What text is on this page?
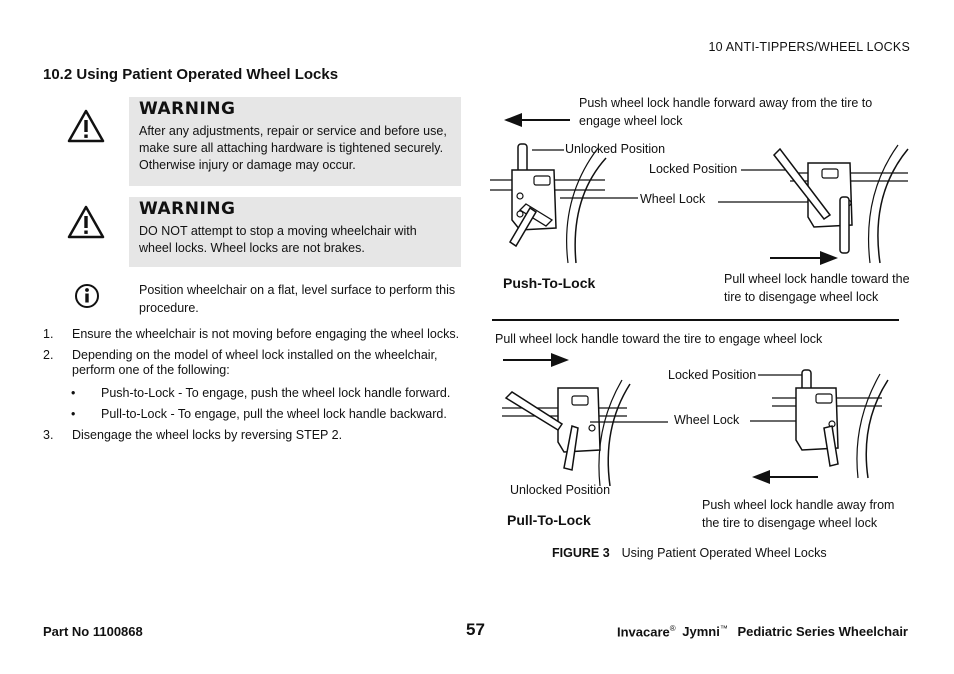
10 ANTI-TIPPERS/WHEEL LOCKS
10.2 Using Patient Operated Wheel Locks
WARNING
After any adjustments, repair or service and before use, make sure all attaching hardware is tightened securely. Otherwise injury or damage may occur.
WARNING
DO NOT attempt to stop a moving wheelchair with wheel locks. Wheel locks are not brakes.
Position wheelchair on a flat, level surface to perform this procedure.
1. Ensure the wheelchair is not moving before engaging the wheel locks.
2. Depending on the model of wheel lock installed on the wheelchair, perform one of the following:
• Push-to-Lock - To engage, push the wheel lock handle forward.
• Pull-to-Lock - To engage, pull the wheel lock handle backward.
3. Disengage the wheel locks by reversing STEP 2.
Push wheel lock handle forward away from the tire to engage wheel lock
Unlocked Position
Locked Position
Wheel Lock
Push-To-Lock	Pull wheel lock handle toward the tire to disengage wheel lock
Pull wheel lock handle toward the tire to engage wheel lock
Locked Position
Wheel Lock
Unlocked Position
Pull-To-Lock
Push wheel lock handle away from the tire to disengage wheel lock
FIGURE 3 Using Patient Operated Wheel Locks
Part No 1100868	57	Invacare® Jymni™ Pediatric Series Wheelchair
